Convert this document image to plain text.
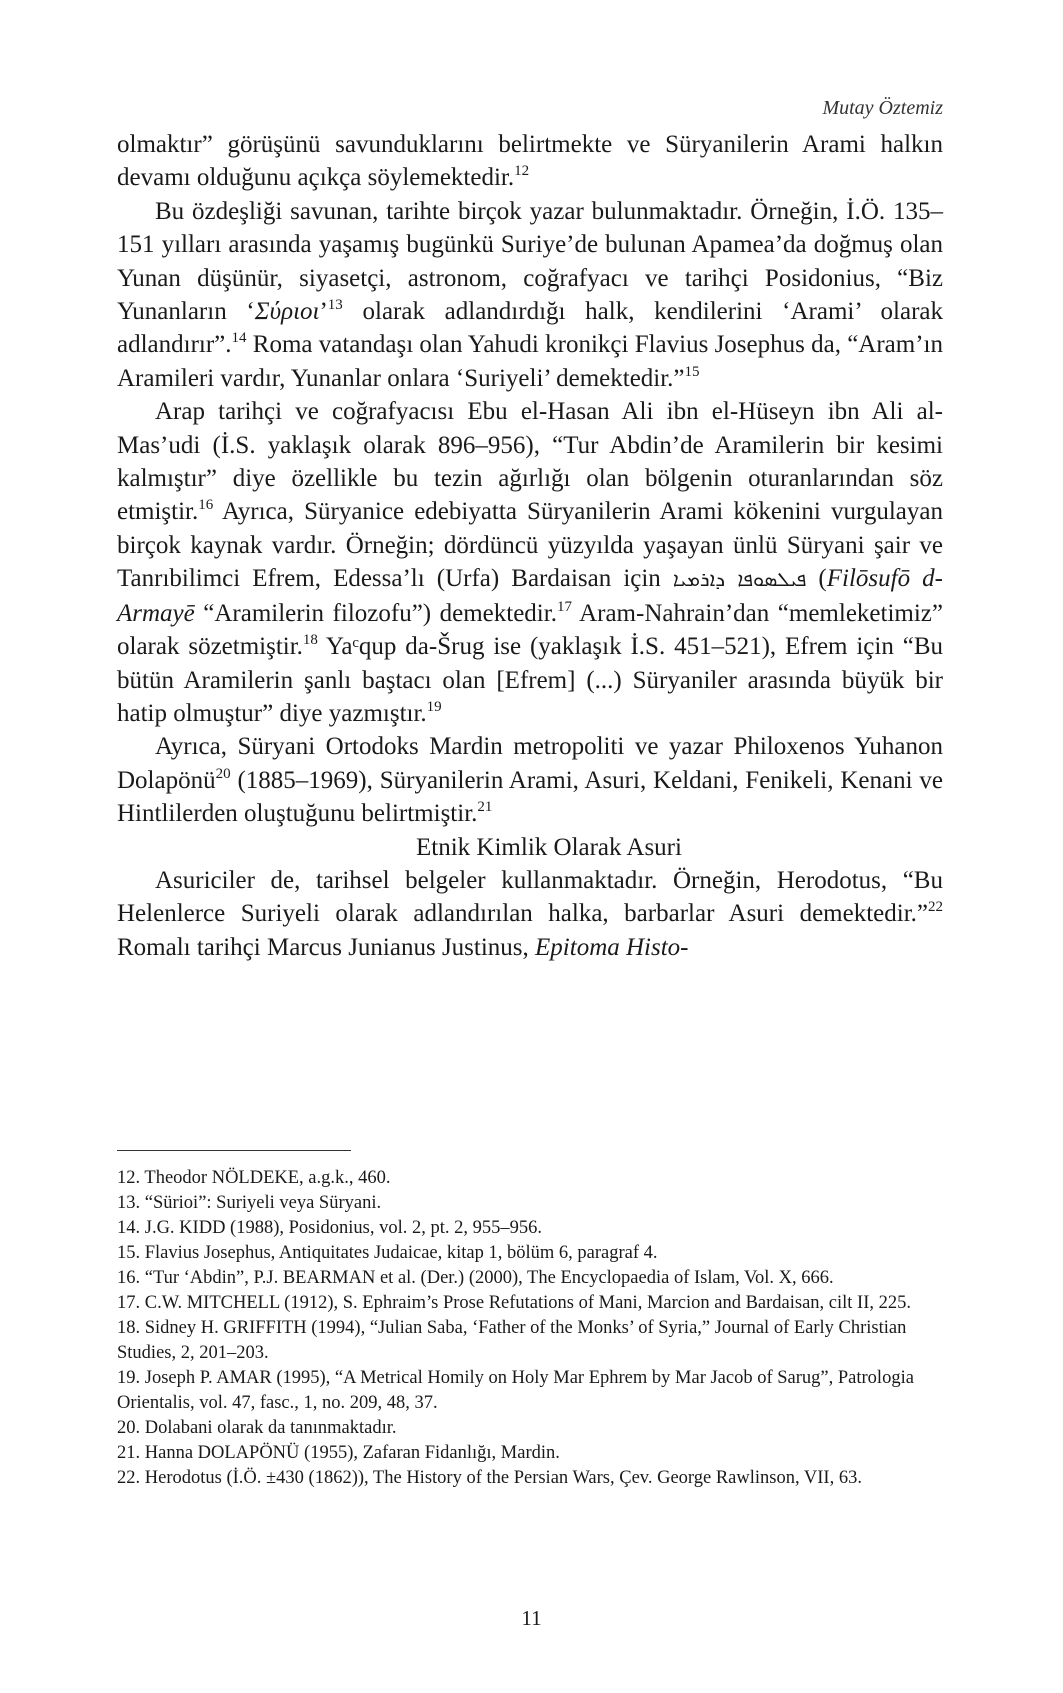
Mutay Öztemiz

olmaktır” görüşünü savunduklarını belirtmekte ve Süryanilerin Arami halkın devamı olduğunu açıkça söylemektedir.$^{12}$

Bu özdeşliği savunan, tarihte birçok yazar bulunmaktadır. Örneğin, İ.Ö. 135–151 yılları arasında yaşamış bugünkü Suriye’de bulunan Apamea’da doğmuş olan Yunan düşünür, siyasetçi, astronom, coğrafyacı ve tarihçi Posidonius, “Biz Yunanların ‘Σύριοι’$^{13}$ olarak adlandırdığı halk, kendilerini ‘Arami’ olarak adlandırır”.$^{14}$ Roma vatandaşı olan Yahudi kronikçi Flavius Josephus da, “Aram’ın Aramileri vardır, Yunanlar onlara ‘Suriyeli’ demektedir.”$^{15}$

Arap tarihçi ve coğrafyacısı Ebu el-Hasan Ali ibn el-Hüseyn ibn Ali al-Mas’udi (İ.S. yaklaşık olarak 896–956), “Tur Abdin’de Aramilerin bir kesimi kalmıştır” diye özellikle bu tezin ağırlığı olan bölgenin oturanlarından söz etmiştir.$^{16}$ Ayrıca, Süryanice edebiyatta Süryanilerin Arami kökenini vurgulayan birçok kaynak vardır. Örneğin; dördüncü yüzyılda yaşayan ünlü Süryani şair ve Tanrıbilimci Efrem, Edessa’lı (Urfa) Bardaisan için ܦܝܠܣܘܦܐ ܕܐܪܡܝܐ (Filōsufō d-Armayē “Aramilerin filozofu”) demektedir.$^{17}$ Aram-Nahrain’dan “memleketimiz” olarak sözetmiştir.$^{18}$ Yaᶜqup da-Šrug ise (yaklaşık İ.S. 451–521), Efrem için “Bu bütün Aramilerin şanlı baştacı olan [Efrem] (...) Süryaniler arasında büyük bir hatip olmuştur” diye yazmıştır.$^{19}$

Ayrıca, Süryani Ortodoks Mardin metropoliti ve yazar Philoxenos Yuhanon Dolapönü$^{20}$ (1885–1969), Süryanilerin Arami, Asuri, Keldani, Fenikeli, Kenani ve Hintlilerden oluştuğunu belirtmiştir.$^{21}$

Etnik Kimlik Olarak Asuri

Asuriciler de, tarihsel belgeler kullanmaktadır. Örneğin, Herodotus, “Bu Helenlerce Suriyeli olarak adlandırılan halka, barbarlar Asuri demektedir.”$^{22}$ Romalı tarihçi Marcus Junianus Justinus, Epitoma Histo-

12. Theodor NÖLDEKE, a.g.k., 460.
13. “Sürioi”: Suriyeli veya Süryani.
14. J.G. KIDD (1988), Posidonius, vol. 2, pt. 2, 955–956.
15. Flavius Josephus, Antiquitates Judaicae, kitap 1, bölüm 6, paragraf 4.
16. “Tur ‘Abdin”, P.J. BEARMAN et al. (Der.) (2000), The Encyclopaedia of Islam, Vol. X, 666.
17. C.W. MITCHELL (1912), S. Ephraim’s Prose Refutations of Mani, Marcion and Bardaisan, cilt II, 225.
18. Sidney H. GRIFFITH (1994), “Julian Saba, ‘Father of the Monks’ of Syria,” Journal of Early Christian Studies, 2, 201–203.
19. Joseph P. AMAR (1995), “A Metrical Homily on Holy Mar Ephrem by Mar Jacob of Sarug”, Patrologia Orientalis, vol. 47, fasc., 1, no. 209, 48, 37.
20. Dolabani olarak da tanınmaktadır.
21. Hanna DOLAPÖNÜ (1955), Zafaran Fidanlığı, Mardin.
22. Herodotus (İ.Ö. ±430 (1862)), The History of the Persian Wars, Çev. George Rawlinson, VII, 63.
11
